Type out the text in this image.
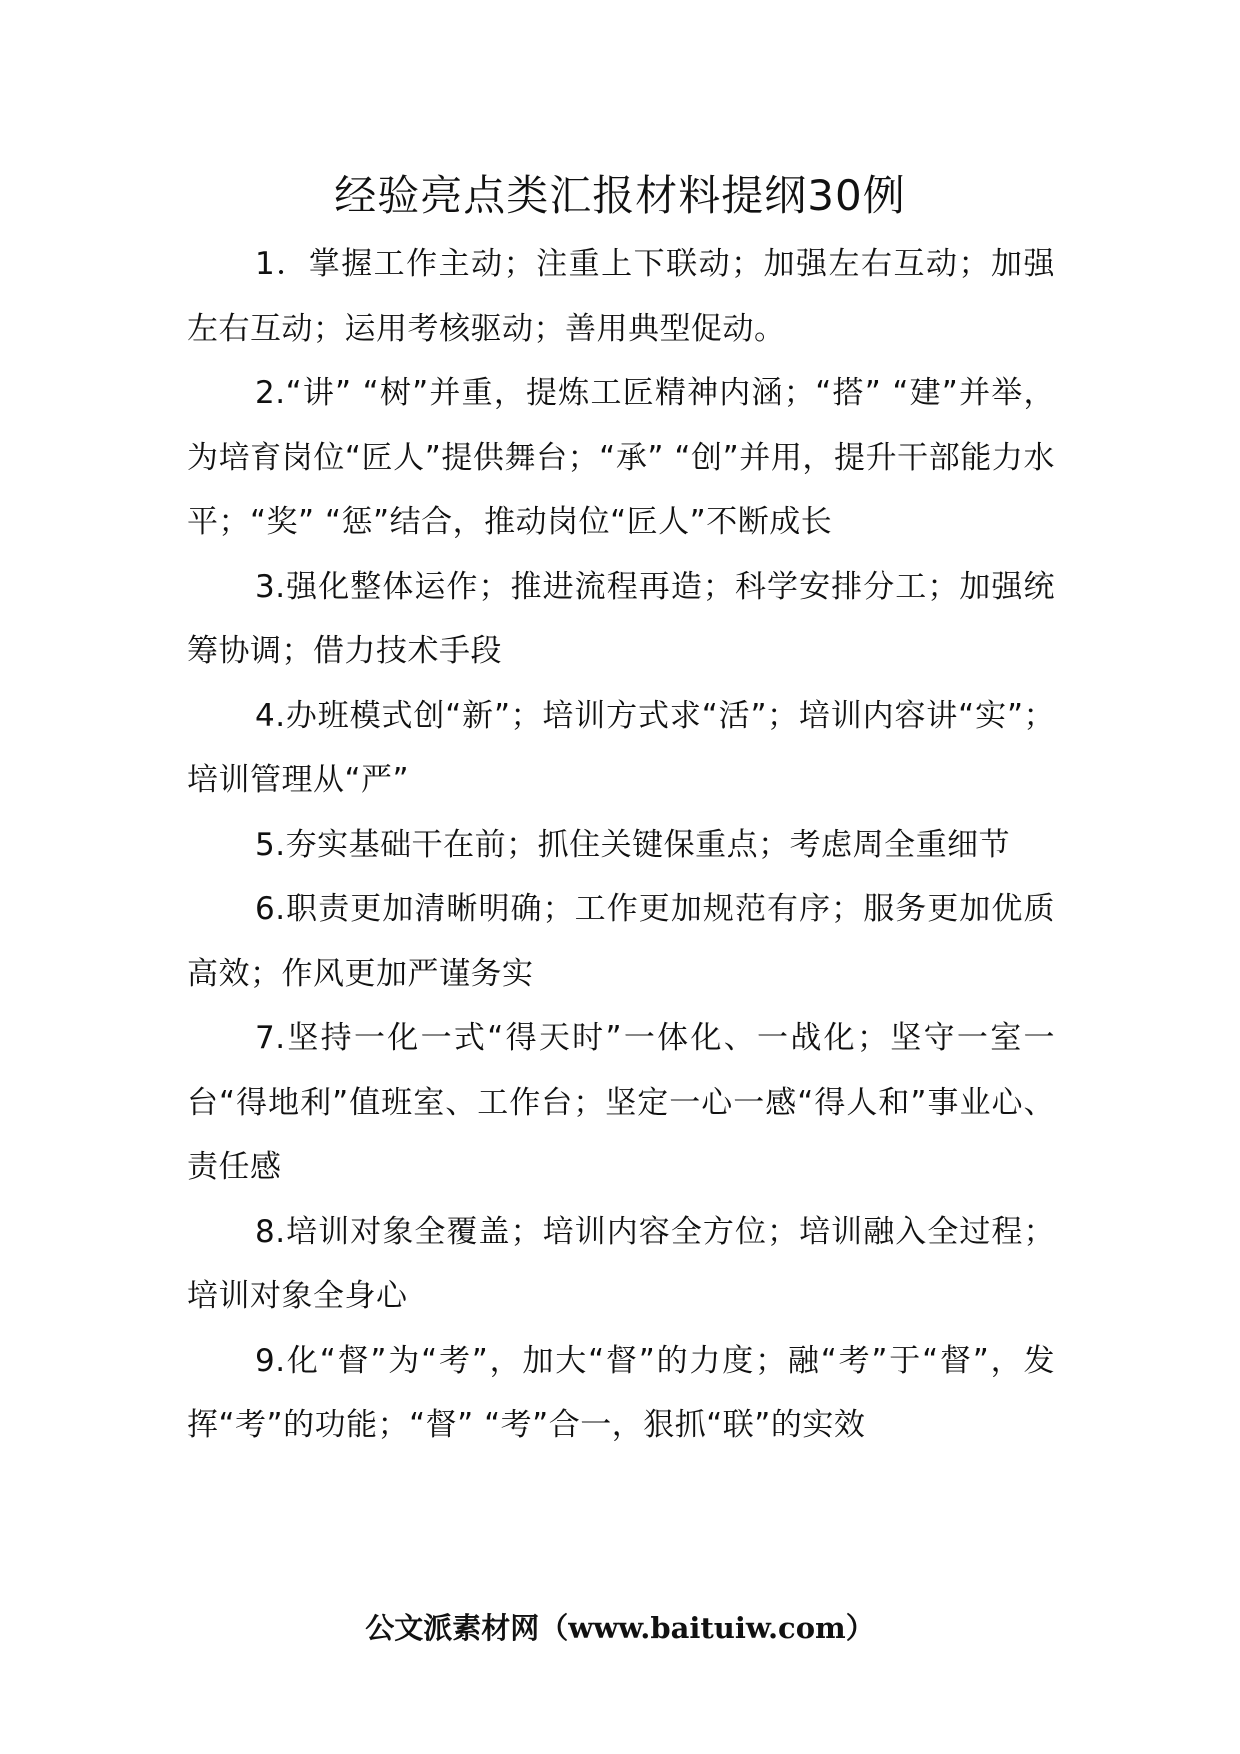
经验亮点类汇报材料提纲30例

1．掌握工作主动；注重上下联动；加强左右互动；加强左右互动；运用考核驱动；善用典型促动。

2.“讲” “树”并重，提炼工匠精神内涵；“搭” “建”并举，为培育岗位“匠人”提供舞台；“承” “创”并用，提升干部能力水平；“奖” “惩”结合，推动岗位“匠人”不断成长

3.强化整体运作；推进流程再造；科学安排分工；加强统筹协调；借力技术手段

4.办班模式创“新”；培训方式求“活”；培训内容讲“实”；培训管理从“严”

5.夯实基础干在前；抓住关键保重点；考虑周全重细节

6.职责更加清晰明确；工作更加规范有序；服务更加优质高效；作风更加严谨务实

7.坚持一化一式“得天时”一体化、一战化；坚守一室一台“得地利”值班室、工作台；坚定一心一感“得人和”事业心、责任感

8.培训对象全覆盖；培训内容全方位；培训融入全过程；培训对象全身心

9.化“督”为“考”，加大“督”的力度；融“考”于“督”，发挥“考”的功能；“督” “考”合一，狠抓“联”的实效

公文派素材网（www.baituiw.com）
